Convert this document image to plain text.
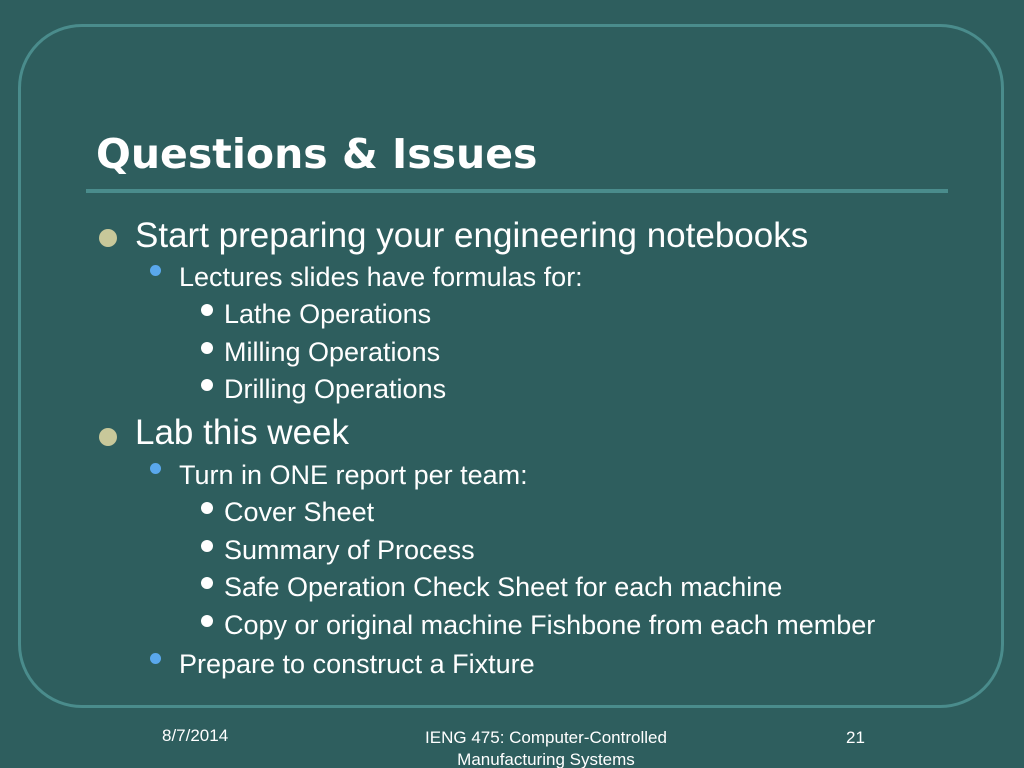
Questions & Issues
Start preparing your engineering notebooks
Lectures slides have formulas for:
Lathe Operations
Milling Operations
Drilling Operations
Lab this week
Turn in ONE report per team:
Cover Sheet
Summary of Process
Safe Operation Check Sheet for each machine
Copy or original machine Fishbone from each member
Prepare to construct a Fixture
8/7/2014	IENG 475: Computer-Controlled
Manufacturing Systems
21
